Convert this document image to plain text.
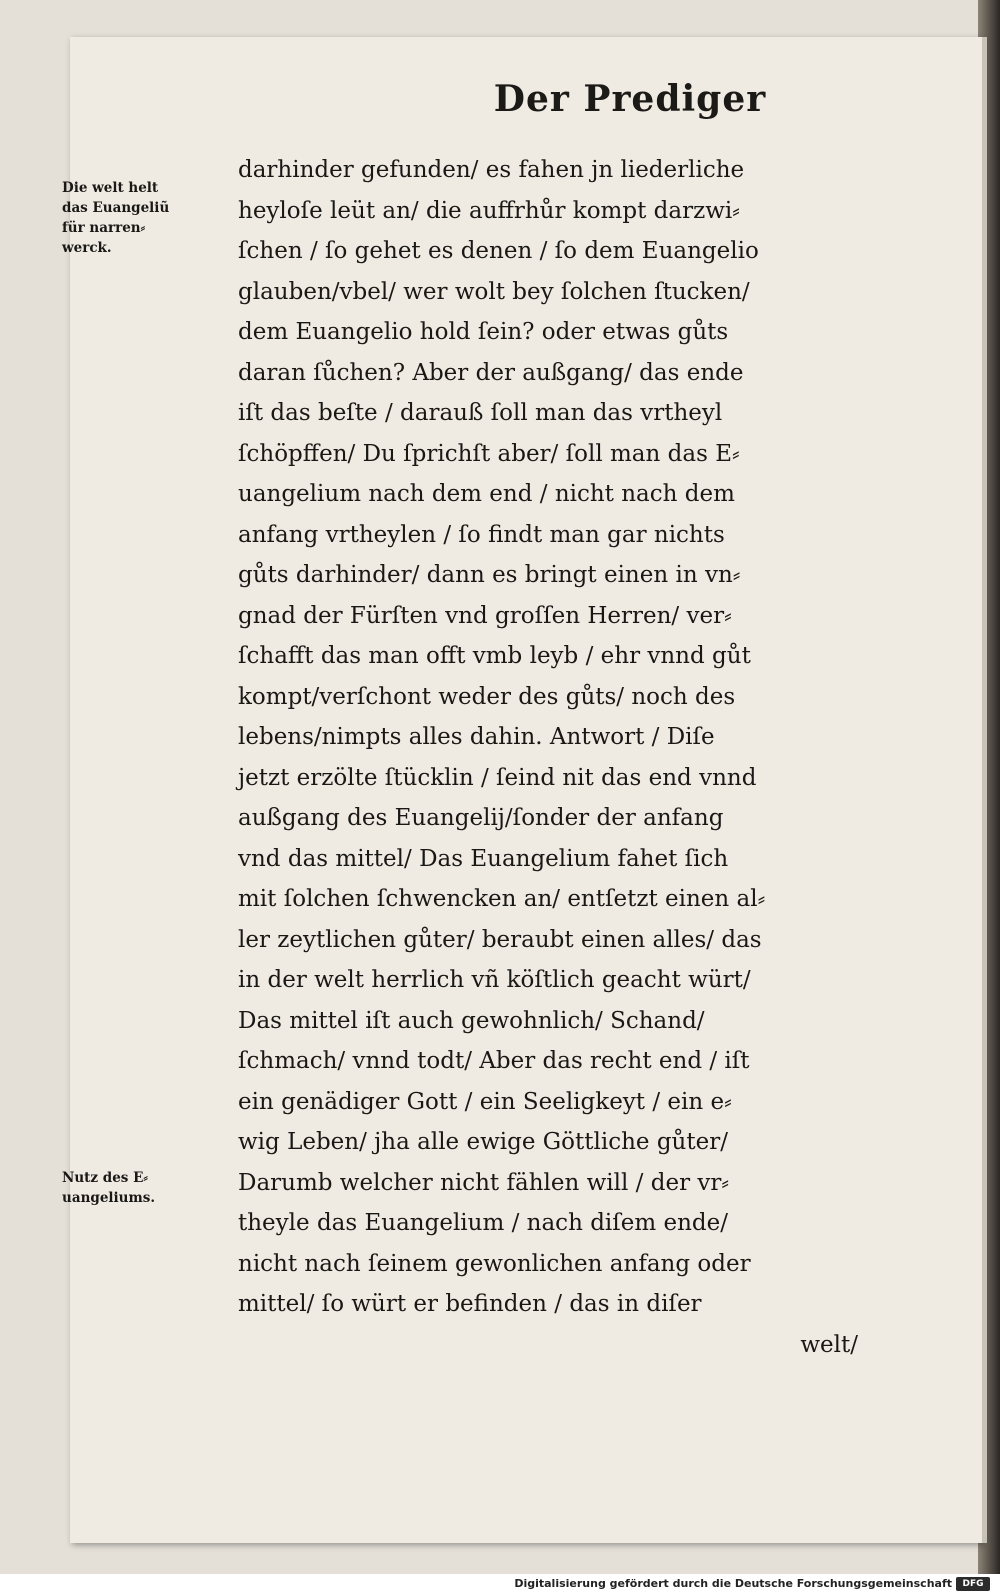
Der Prediger
Die welt helt
das Euangeliũ
für narren⸗
werck.
Nutz des E⸗
uangeliums.
darhinder gefunden/ es fahen jn liederliche
heyloſe leüt an/ die auffrhůr kompt darzwi⸗
ſchen / ſo gehet es denen / ſo dem Euangelio
glauben/vbel/ wer wolt bey ſolchen ſtucken/
dem Euangelio hold ſein? oder etwas gůts
daran ſůchen? Aber der außgang/ das ende
iſt das beſte / darauß ſoll man das vrtheyl
ſchöpffen/ Du ſprichſt aber/ ſoll man das E⸗
uangelium nach dem end / nicht nach dem
anfang vrtheylen / ſo findt man gar nichts
gůts darhinder/ dann es bringt einen in vn⸗
gnad der Fürſten vnd groſſen Herren/ ver⸗
ſchafft das man offt vmb leyb / ehr vnnd gůt
kompt/verſchont weder des gůts/ noch des
lebens/nimpts alles dahin. Antwort / Diſe
jetzt erzölte ſtücklin / ſeind nit das end vnnd
außgang des Euangelij/ſonder der anfang
vnd das mittel/ Das Euangelium fahet ſich
mit ſolchen ſchwencken an/ entſetzt einen al⸗
ler zeytlichen gůter/ beraubt einen alles/ das
in der welt herrlich vñ köſtlich geacht würt/
Das mittel iſt auch gewohnlich/ Schand/
ſchmach/ vnnd todt/ Aber das recht end / iſt
ein genädiger Gott / ein Seeligkeyt / ein e⸗
wig Leben/ jha alle ewige Göttliche gůter/
Darumb welcher nicht fählen will / der vr⸗
theyle das Euangelium / nach diſem ende/
nicht nach ſeinem gewonlichen anfang oder
mittel/ ſo würt er befinden / das in diſer
welt/
Digitalisierung gefördert durch die Deutsche Forschungsgemeinschaft	DFG
